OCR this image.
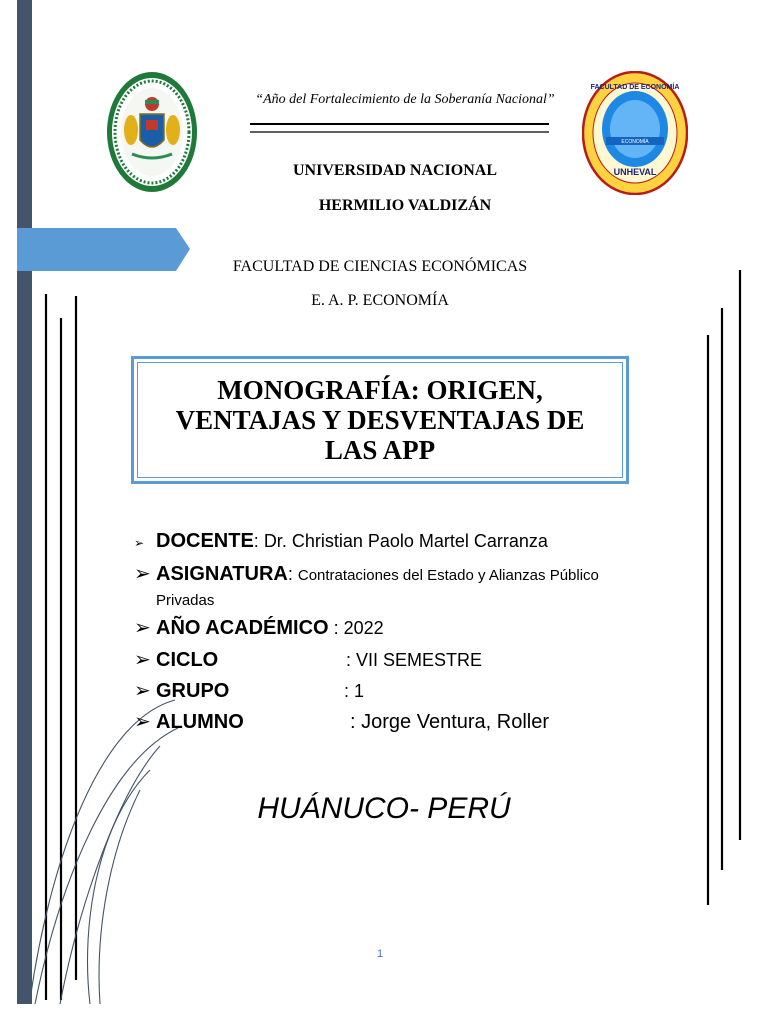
ECONOMÍA
FACULTAD DE ECONOMÍA
UNHEVAL
“Año del Fortalecimiento de la Soberanía Nacional”
UNIVERSIDAD NACIONAL
HERMILIO VALDIZÁN
FACULTAD DE CIENCIAS ECONÓMICAS
E. A. P. ECONOMÍA
MONOGRAFÍA: ORIGEN, VENTAJAS Y DESVENTAJAS DE LAS APP
➢ DOCENTE: Dr. Christian Paolo Martel Carranza
➢ ASIGNATURA: Contrataciones del Estado y Alianzas Público
Privadas
➢ AÑO ACADÉMICO : 2022
➢ CICLO	: VII SEMESTRE
➢ GRUPO	: 1
➢ ALUMNO	: Jorge Ventura, Roller
HUÁNUCO- PERÚ
1
